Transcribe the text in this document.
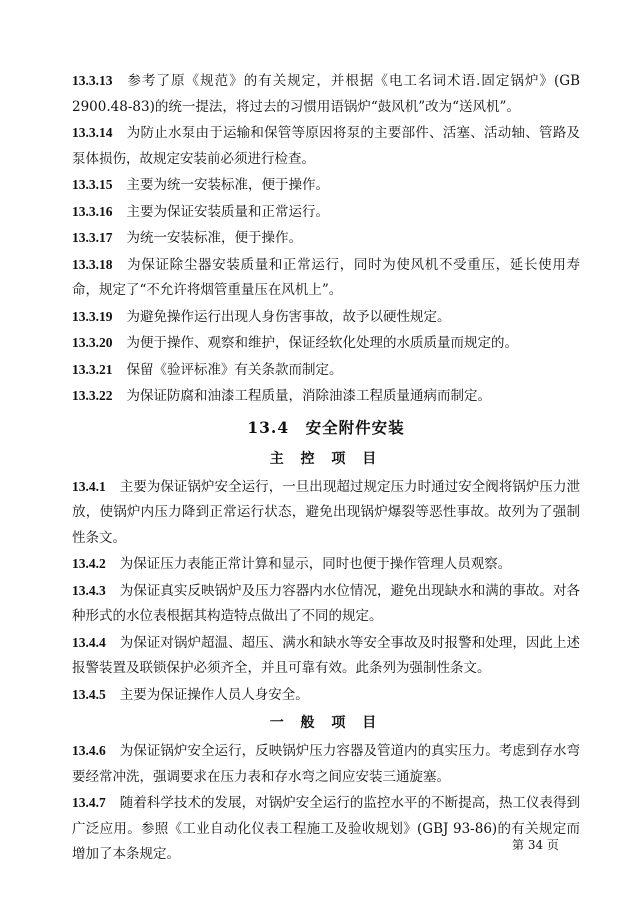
13.3.13 参考了原《规范》的有关规定，并根据《电工名词术语.固定锅炉》(GB 2900.48-83)的统一提法，将过去的习惯用语锅炉“鼓风机”改为“送风机”。

13.3.14 为防止水泵由于运输和保管等原因将泵的主要部件、活塞、活动轴、管路及泵体损伤，故规定安装前必须进行检查。

13.3.15 主要为统一安装标准，便于操作。

13.3.16 主要为保证安装质量和正常运行。

13.3.17 为统一安装标准，便于操作。

13.3.18 为保证除尘器安装质量和正常运行，同时为使风机不受重压，延长使用寿命，规定了“不允许将烟管重量压在风机上”。

13.3.19 为避免操作运行出现人身伤害事故，故予以硬性规定。

13.3.20 为便于操作、观察和维护，保证经软化处理的水质质量而规定的。

13.3.21 保留《验评标准》有关条款而制定。

13.3.22 为保证防腐和油漆工程质量，消除油漆工程质量通病而制定。

13.4　安全附件安装
主 控 项 目

13.4.1 主要为保证锅炉安全运行，一旦出现超过规定压力时通过安全阀将锅炉压力泄放，使锅炉内压力降到正常运行状态，避免出现锅炉爆裂等恶性事故。故列为了强制性条文。

13.4.2 为保证压力表能正常计算和显示，同时也便于操作管理人员观察。

13.4.3 为保证真实反映锅炉及压力容器内水位情况，避免出现缺水和满的事故。对各种形式的水位表根据其构造特点做出了不同的规定。

13.4.4 为保证对锅炉超温、超压、满水和缺水等安全事故及时报警和处理，因此上述报警装置及联锁保护必须齐全，并且可靠有效。此条列为强制性条文。

13.4.5 主要为保证操作人员人身安全。

一 般 项 目

13.4.6 为保证锅炉安全运行，反映锅炉压力容器及管道内的真实压力。考虑到存水弯要经常冲洗，强调要求在压力表和存水弯之间应安装三通旋塞。

13.4.7 随着科学技术的发展，对锅炉安全运行的监控水平的不断提高，热工仪表得到广泛应用。参照《工业自动化仪表工程施工及验收规划》(GBJ 93-86)的有关规定而增加了本条规定。

第 34 页
